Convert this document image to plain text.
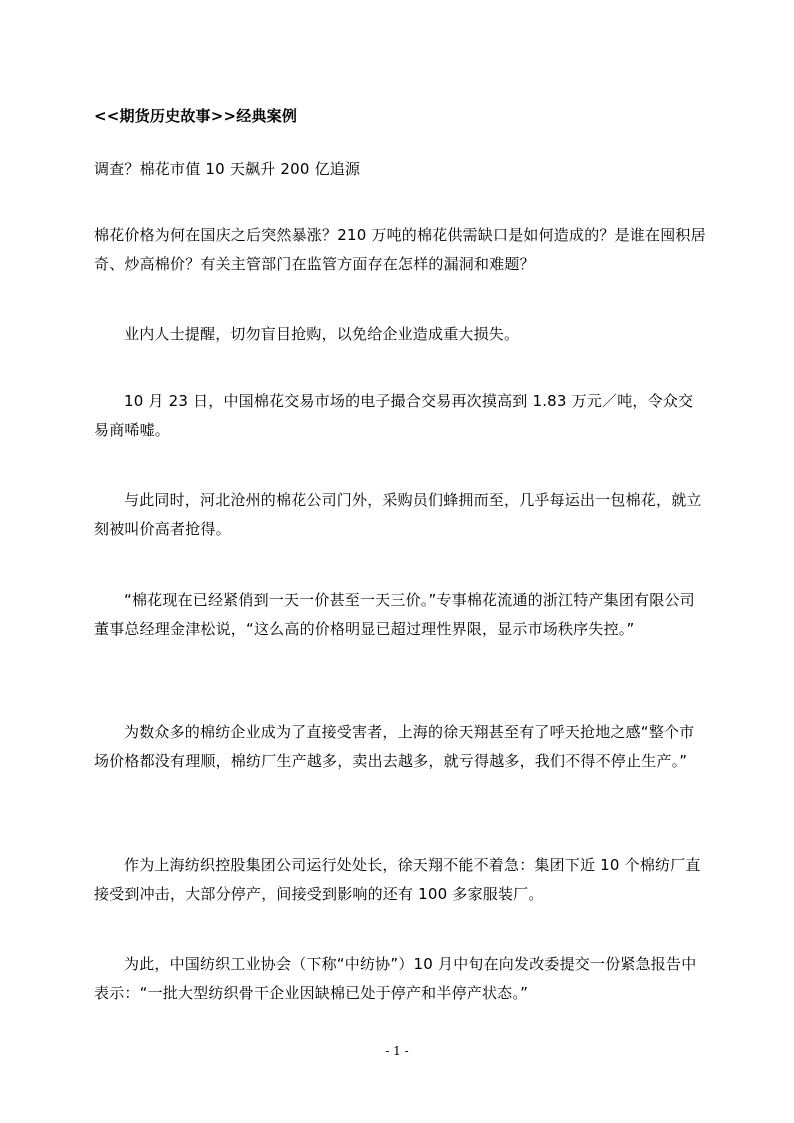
<<期货历史故事>>经典案例
调查？棉花市值 10 天飙升 200 亿追源
棉花价格为何在国庆之后突然暴涨？210 万吨的棉花供需缺口是如何造成的？是谁在囤积居奇、炒高棉价？有关主管部门在监管方面存在怎样的漏洞和难题？
业内人士提醒，切勿盲目抢购，以免给企业造成重大损失。
10 月 23 日，中国棉花交易市场的电子撮合交易再次摸高到 1.83 万元／吨，令众交易商唏嘘。
与此同时，河北沧州的棉花公司门外，采购员们蜂拥而至，几乎每运出一包棉花，就立刻被叫价高者抢得。
“棉花现在已经紧俏到一天一价甚至一天三价。”专事棉花流通的浙江特产集团有限公司董事总经理金津松说，“这么高的价格明显已超过理性界限，显示市场秩序失控。”
为数众多的棉纺企业成为了直接受害者，上海的徐天翔甚至有了呼天抢地之感“整个市场价格都没有理顺，棉纺厂生产越多，卖出去越多，就亏得越多，我们不得不停止生产。”
作为上海纺织控股集团公司运行处处长，徐天翔不能不着急：集团下近 10 个棉纺厂直接受到冲击，大部分停产，间接受到影响的还有 100 多家服装厂。
为此，中国纺织工业协会（下称“中纺协”）10 月中旬在向发改委提交一份紧急报告中表示：“一批大型纺织骨干企业因缺棉已处于停产和半停产状态。”
- 1 -
